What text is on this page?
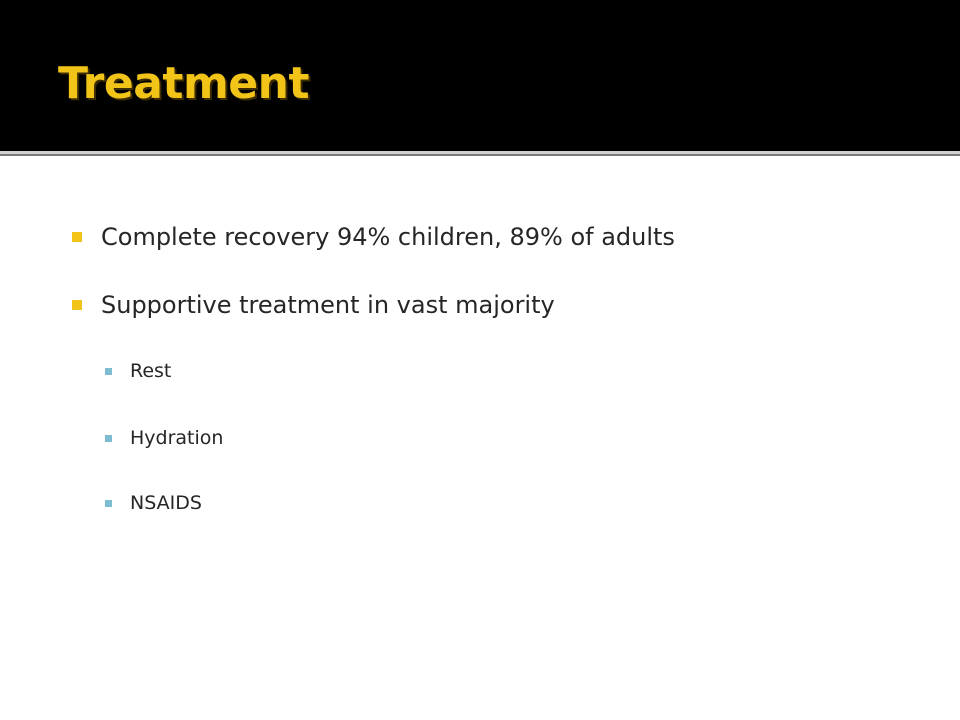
Treatment
Complete recovery 94% children, 89% of adults
Supportive treatment in vast majority
Rest
Hydration
NSAIDS
